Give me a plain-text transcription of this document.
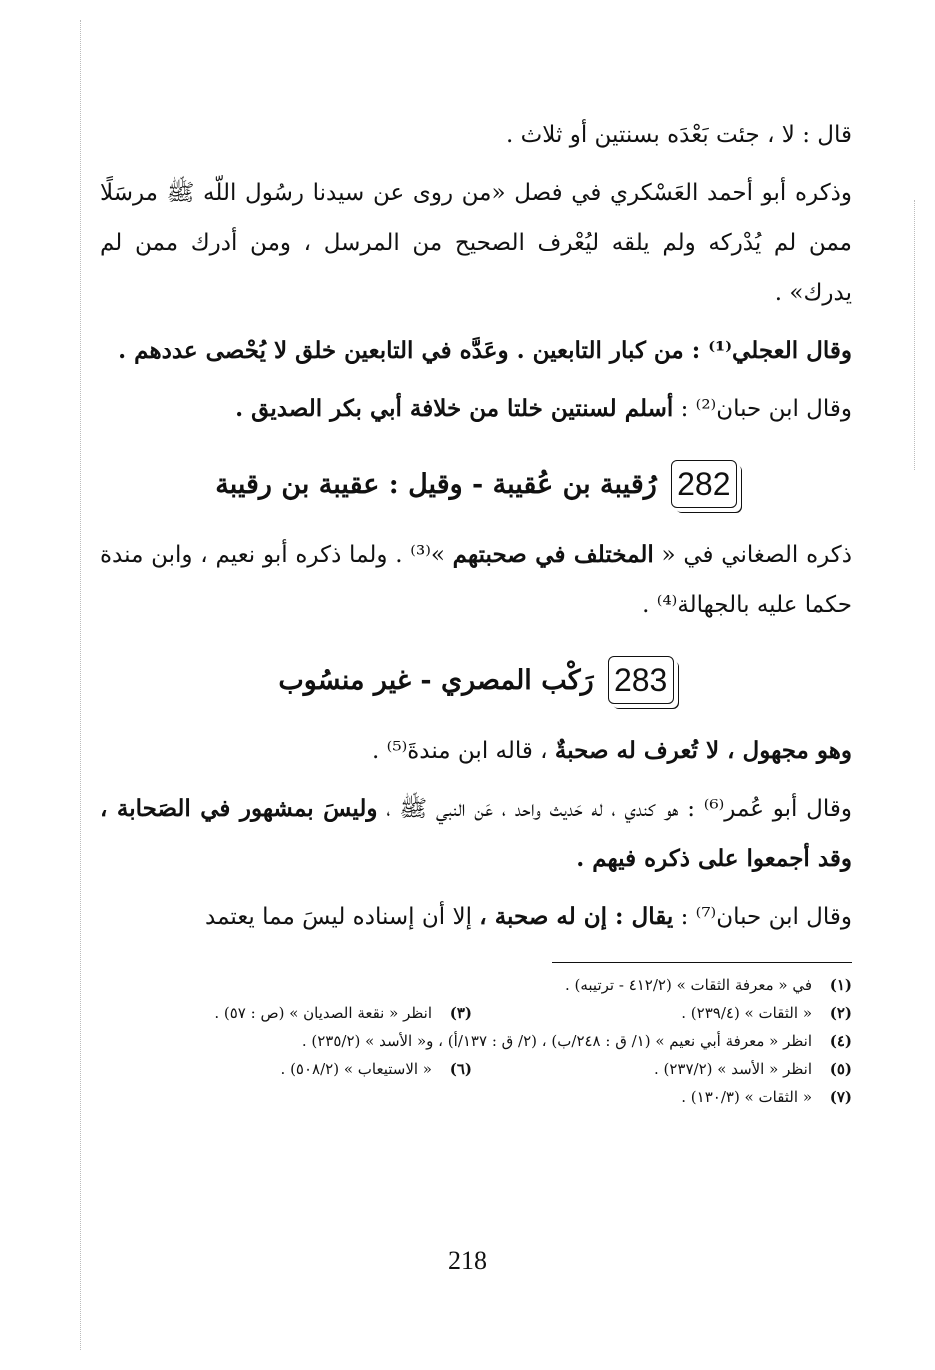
قال : لا ، جئت بَعْدَه بسنتين أو ثلاث .

وذكره أبو أحمد العَسْكري في فصل «من روى عن سيدنا رسُول اللّه ﷺ مرسَلًا ممن لم يُدْركه ولم يلقه ليُعْرف الصحيح من المرسل ، ومن أدرك ممن لم يدرك» .

وقال العجلي⁽¹⁾ : من كبار التابعين . وعَدَّه في التابعين خلق لا يُحْصى عددهم .

وقال ابن حبان⁽²⁾ : أسلم لسنتين خلتا من خلافة أبي بكر الصديق .

282
رُقيبة بن عُقيبة - وقيل : عقيبة بن رقيبة

ذكره الصغاني في « المختلف في صحبتهم »⁽³⁾ . ولما ذكره أبو نعيم ، وابن مندة حكما عليه بالجهالة⁽⁴⁾ .

283
رَكْب المصري - غير منسُوب

وهو مجهول ، لا تُعرف له صحبةٌ ، قاله ابن مندةَ⁽⁵⁾ .

وقال أبو عُمر⁽⁶⁾ : هو كندي ، له حَديث واحد ، عَن النبي ﷺ ، وليسَ بمشهور في الصَحابة ، وقد أجمعوا على ذكره فيهم .

وقال ابن حبان⁽⁷⁾ : يقال : إن له صحبة ، إلا أن إسناده ليسَ مما يعتمد

(١)
في « معرفة الثقات » (٤١٢/٢ - ترتيبه) .
(٢)
« الثقات » (٢٣٩/٤) .
(٣)
انظر « نقعة الصديان » (ص : ٥٧) .
(٤)
انظر « معرفة أبي نعيم » (١/ ق : ٢٤٨/ب) ، (٢/ ق : ١٣٧/أ) ، و« الأسد » (٢٣٥/٢) .
(٥)
انظر « الأسد » (٢٣٧/٢) .
(٦)
« الاستيعاب » (٥٠٨/٢) .
(٧)
« الثقات » (١٣٠/٣) .
218
